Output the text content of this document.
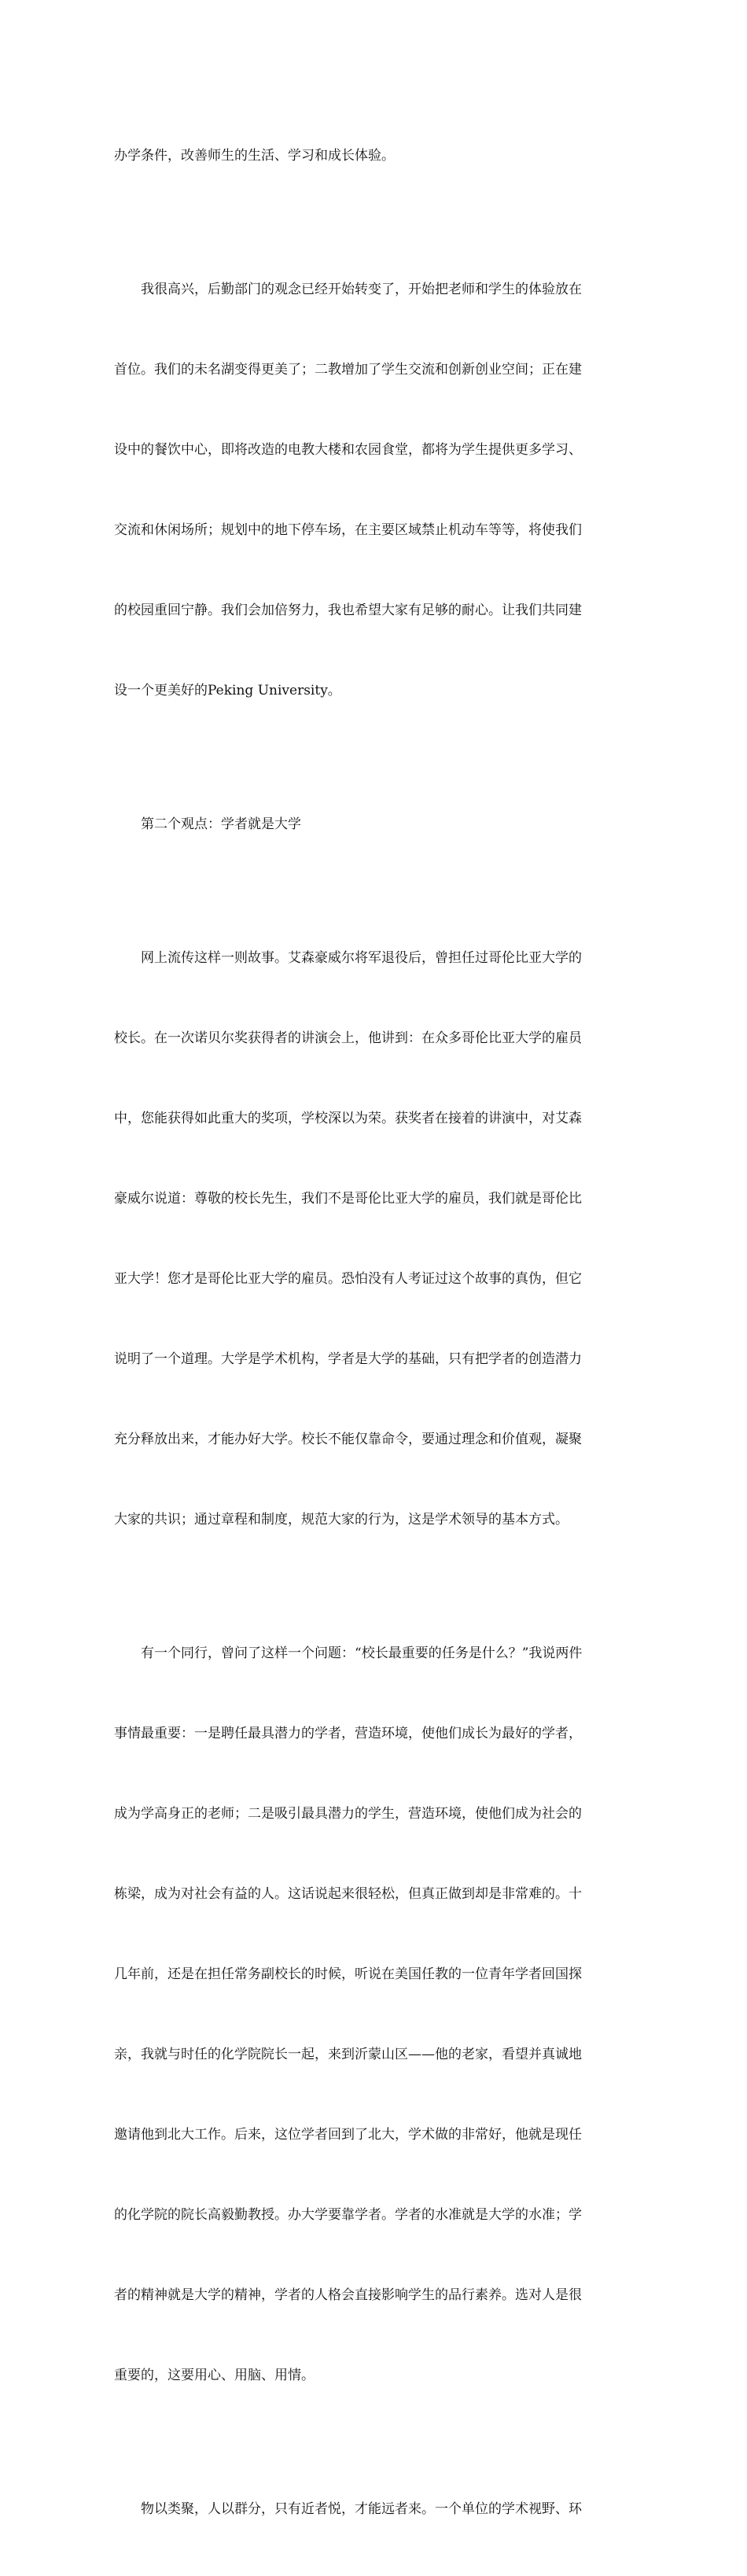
办学条件，改善师生的生活、学习和成长体验。

我很高兴，后勤部门的观念已经开始转变了，开始把老师和学生的体验放在

首位。我们的未名湖变得更美了；二教增加了学生交流和创新创业空间；正在建

设中的餐饮中心，即将改造的电教大楼和农园食堂，都将为学生提供更多学习、

交流和休闲场所；规划中的地下停车场，在主要区域禁止机动车等等，将使我们

的校园重回宁静。我们会加倍努力，我也希望大家有足够的耐心。让我们共同建

设一个更美好的Peking University。

第二个观点：学者就是大学

网上流传这样一则故事。艾森豪威尔将军退役后，曾担任过哥伦比亚大学的

校长。在一次诺贝尔奖获得者的讲演会上，他讲到：在众多哥伦比亚大学的雇员

中，您能获得如此重大的奖项，学校深以为荣。获奖者在接着的讲演中，对艾森

豪威尔说道：尊敬的校长先生，我们不是哥伦比亚大学的雇员，我们就是哥伦比

亚大学！您才是哥伦比亚大学的雇员。恐怕没有人考证过这个故事的真伪，但它

说明了一个道理。大学是学术机构，学者是大学的基础，只有把学者的创造潜力

充分释放出来，才能办好大学。校长不能仅靠命令，要通过理念和价值观，凝聚

大家的共识；通过章程和制度，规范大家的行为，这是学术领导的基本方式。

有一个同行，曾问了这样一个问题：“校长最重要的任务是什么？”我说两件

事情最重要：一是聘任最具潜力的学者，营造环境，使他们成长为最好的学者，

成为学高身正的老师；二是吸引最具潜力的学生，营造环境，使他们成为社会的

栋梁，成为对社会有益的人。这话说起来很轻松，但真正做到却是非常难的。十

几年前，还是在担任常务副校长的时候，听说在美国任教的一位青年学者回国探

亲，我就与时任的化学院院长一起，来到沂蒙山区——他的老家，看望并真诚地

邀请他到北大工作。后来，这位学者回到了北大，学术做的非常好，他就是现任

的化学院的院长高毅勤教授。办大学要靠学者。学者的水准就是大学的水准；学

者的精神就是大学的精神，学者的人格会直接影响学生的品行素养。选对人是很

重要的，这要用心、用脑、用情。

物以类聚，人以群分，只有近者悦，才能远者来。一个单位的学术视野、环
